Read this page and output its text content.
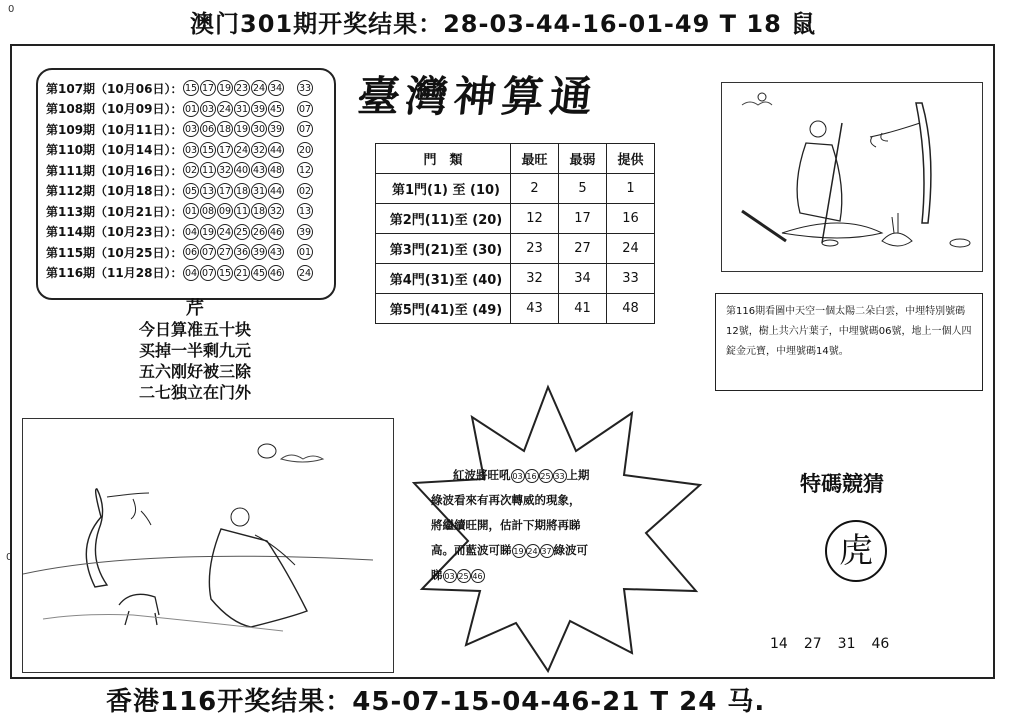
0
澳门301期开奖结果：28-03-44-16-01-49 T 18 鼠
0
香港116开奖结果：45-07-15-04-46-21 T 24 马.
第107期（10月06日）： 15 17 19 23 24 34 33
第108期（10月09日）： 01 03 24 31 39 45 07
第109期（10月11日）： 03 06 18 19 30 39 07
第110期（10月14日）： 03 15 17 24 32 44 20
第111期（10月16日）： 02 11 32 40 43 48 12
第112期（10月18日）： 05 13 17 18 31 44 02
第113期（10月21日）： 01 08 09 11 18 32 13
第114期（10月23日）： 04 19 24 25 26 46 39
第115期（10月25日）： 06 07 27 36 39 43 01
第116期（11月28日）： 04 07 15 21 45 46 24
臺灣神算通
門　類	最旺	最弱	提供
第1門(1) 至 (10)	2	5	1
第2門(11)至 (20)	12	17	16
第3門(21)至 (30)	23	27	24
第4門(31)至 (40)	32	34	33
第5門(41)至 (49)	43	41	48
芹
今日算准五十块
买掉一半剩九元
五六刚好被三除
二七独立在门外
第116期看圖中天空一個太陽二朵白雲，中埋特別號碼12號，樹上共六片葉子，中埋號碼06號，地上一個人四錠金元寶，中埋號碼14號。
紅波將旺吼 03 16 25 33 上期
綠波看來有再次轉威的現象，
將繼續旺開，估計下期將再睇
高。而藍波可睇 19 24 37 綠波可
睇 03 25 46
特碼競猜
虎
14 27 31 46
